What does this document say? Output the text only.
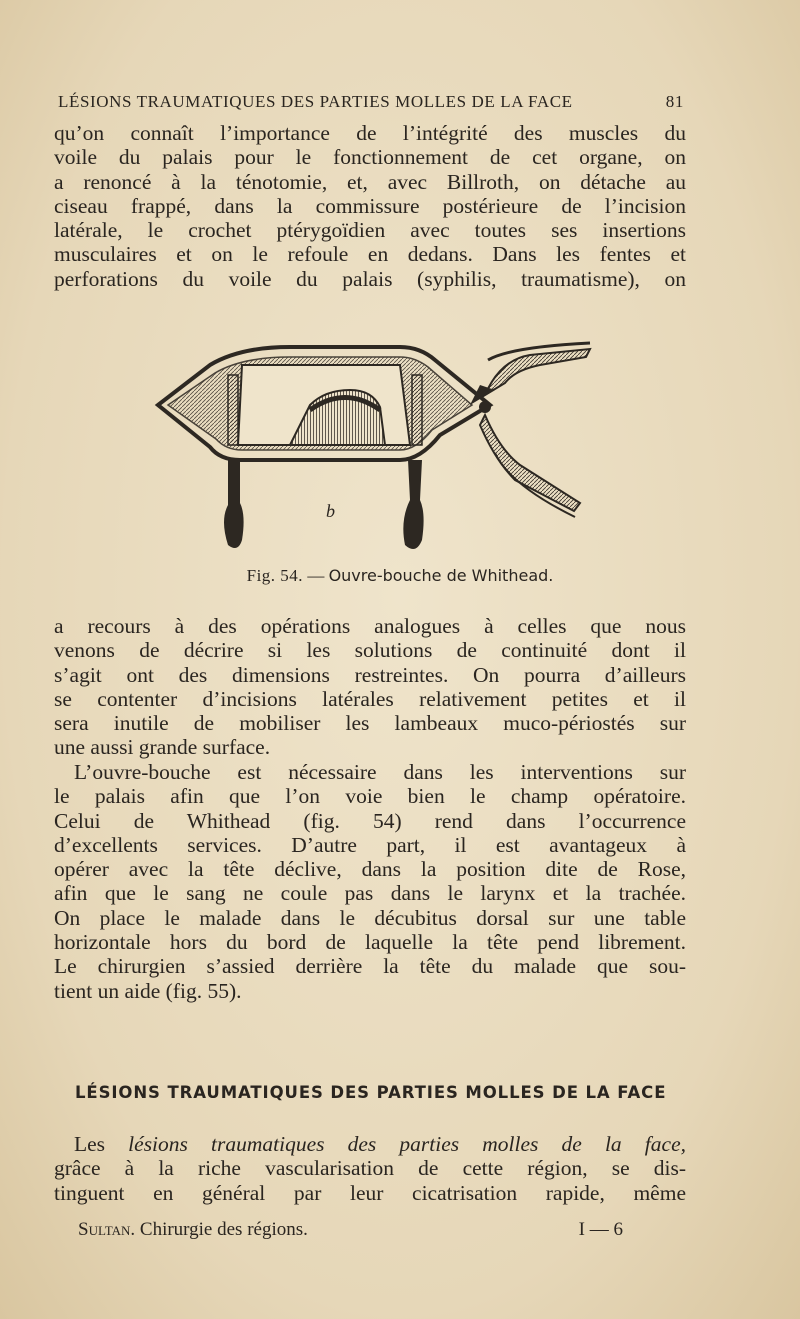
LÉSIONS TRAUMATIQUES DES PARTIES MOLLES DE LA FACE	81
qu’on connaît l’importance de l’intégrité des muscles du
voile du palais pour le fonctionnement de cet organe, on
a renoncé à la ténotomie, et, avec Billroth, on détache au
ciseau frappé, dans la commissure postérieure de l’incision
latérale, le crochet ptérygoïdien avec toutes ses insertions
musculaires et on le refoule en dedans. Dans les fentes et
perforations du voile du palais (syphilis, traumatisme), on
b
Fig. 54. — Ouvre-bouche de Whithead.
a recours à des opérations analogues à celles que nous
venons de décrire si les solutions de continuité dont il
s’agit ont des dimensions restreintes. On pourra d’ailleurs
se contenter d’incisions latérales relativement petites et il
sera inutile de mobiliser les lambeaux muco-périostés sur
une aussi grande surface.
L’ouvre-bouche est nécessaire dans les interventions sur
le palais afin que l’on voie bien le champ opératoire.
Celui de Whithead (fig. 54) rend dans l’occurrence
d’excellents services. D’autre part, il est avantageux à
opérer avec la tête déclive, dans la position dite de Rose,
afin que le sang ne coule pas dans le larynx et la trachée.
On place le malade dans le décubitus dorsal sur une table
horizontale hors du bord de laquelle la tête pend librement.
Le chirurgien s’assied derrière la tête du malade que sou-
tient un aide (fig. 55).
LÉSIONS TRAUMATIQUES DES PARTIES MOLLES DE LA FACE
Les lésions traumatiques des parties molles de la face,
grâce à la riche vascularisation de cette région, se dis-
tinguent en général par leur cicatrisation rapide, même
Sultan. Chirurgie des régions.	I — 6
